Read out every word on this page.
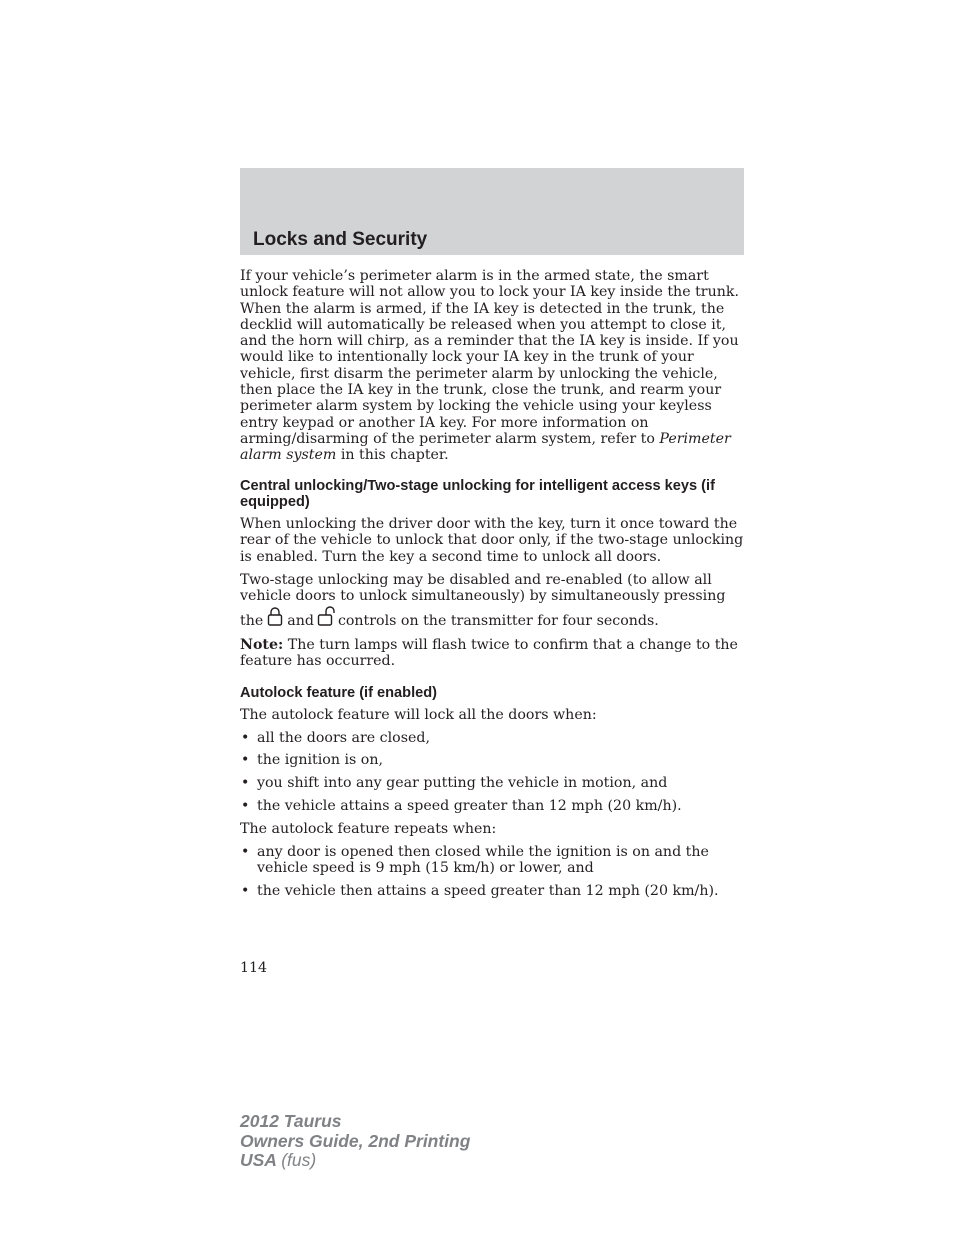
Locks and Security

If your vehicle’s perimeter alarm is in the armed state, the smart unlock feature will not allow you to lock your IA key inside the trunk. When the alarm is armed, if the IA key is detected in the trunk, the decklid will automatically be released when you attempt to close it, and the horn will chirp, as a reminder that the IA key is inside. If you would like to intentionally lock your IA key in the trunk of your vehicle, first disarm the perimeter alarm by unlocking the vehicle, then place the IA key in the trunk, close the trunk, and rearm your perimeter alarm system by locking the vehicle using your keyless entry keypad or another IA key. For more information on arming/disarming of the perimeter alarm system, refer to Perimeter alarm system in this chapter.

Central unlocking/Two-stage unlocking for intelligent access keys (if equipped)

When unlocking the driver door with the key, turn it once toward the rear of the vehicle to unlock that door only, if the two-stage unlocking is enabled. Turn the key a second time to unlock all doors.

Two-stage unlocking may be disabled and re-enabled (to allow all vehicle doors to unlock simultaneously) by simultaneously pressing

the and controls on the transmitter for four seconds.

Note: The turn lamps will flash twice to confirm that a change to the feature has occurred.

Autolock feature (if enabled)

The autolock feature will lock all the doors when:

• all the doors are closed,
• the ignition is on,
• you shift into any gear putting the vehicle in motion, and
• the vehicle attains a speed greater than 12 mph (20 km/h).

The autolock feature repeats when:

• any door is opened then closed while the ignition is on and the vehicle speed is 9 mph (15 km/h) or lower, and
• the vehicle then attains a speed greater than 12 mph (20 km/h).
114
2012 Taurus
Owners Guide, 2nd Printing
USA (fus)
